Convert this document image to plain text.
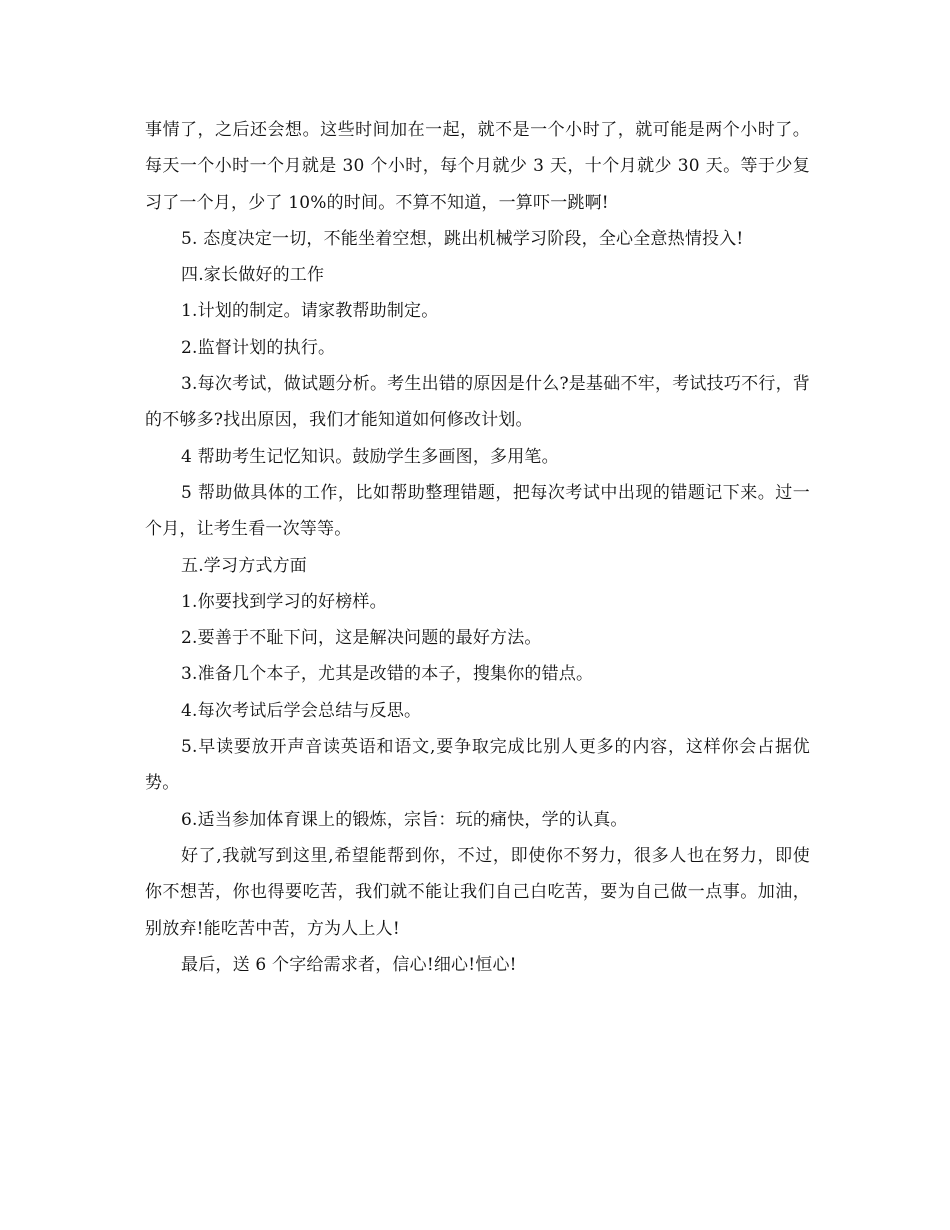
事情了，之后还会想。这些时间加在一起，就不是一个小时了，就可能是两个小时了。每天一个小时一个月就是 30 个小时，每个月就少 3 天，十个月就少 30 天。等于少复习了一个月，少了 10%的时间。不算不知道，一算吓一跳啊!

5. 态度决定一切，不能坐着空想，跳出机械学习阶段，全心全意热情投入!

四.家长做好的工作

1.计划的制定。请家教帮助制定。

2.监督计划的执行。

3.每次考试，做试题分析。考生出错的原因是什么?是基础不牢，考试技巧不行，背的不够多?找出原因，我们才能知道如何修改计划。

4 帮助考生记忆知识。鼓励学生多画图，多用笔。

5 帮助做具体的工作，比如帮助整理错题，把每次考试中出现的错题记下来。过一个月，让考生看一次等等。

五.学习方式方面

1.你要找到学习的好榜样。

2.要善于不耻下问，这是解决问题的最好方法。

3.准备几个本子，尤其是改错的本子，搜集你的错点。

4.每次考试后学会总结与反思。

5.早读要放开声音读英语和语文,要争取完成比别人更多的内容，这样你会占据优势。

6.适当参加体育课上的锻炼，宗旨：玩的痛快，学的认真。

好了,我就写到这里,希望能帮到你，不过，即使你不努力，很多人也在努力，即使你不想苦，你也得要吃苦，我们就不能让我们自己白吃苦，要为自己做一点事。加油，别放弃!能吃苦中苦，方为人上人!

最后，送 6 个字给需求者，信心!细心!恒心!
